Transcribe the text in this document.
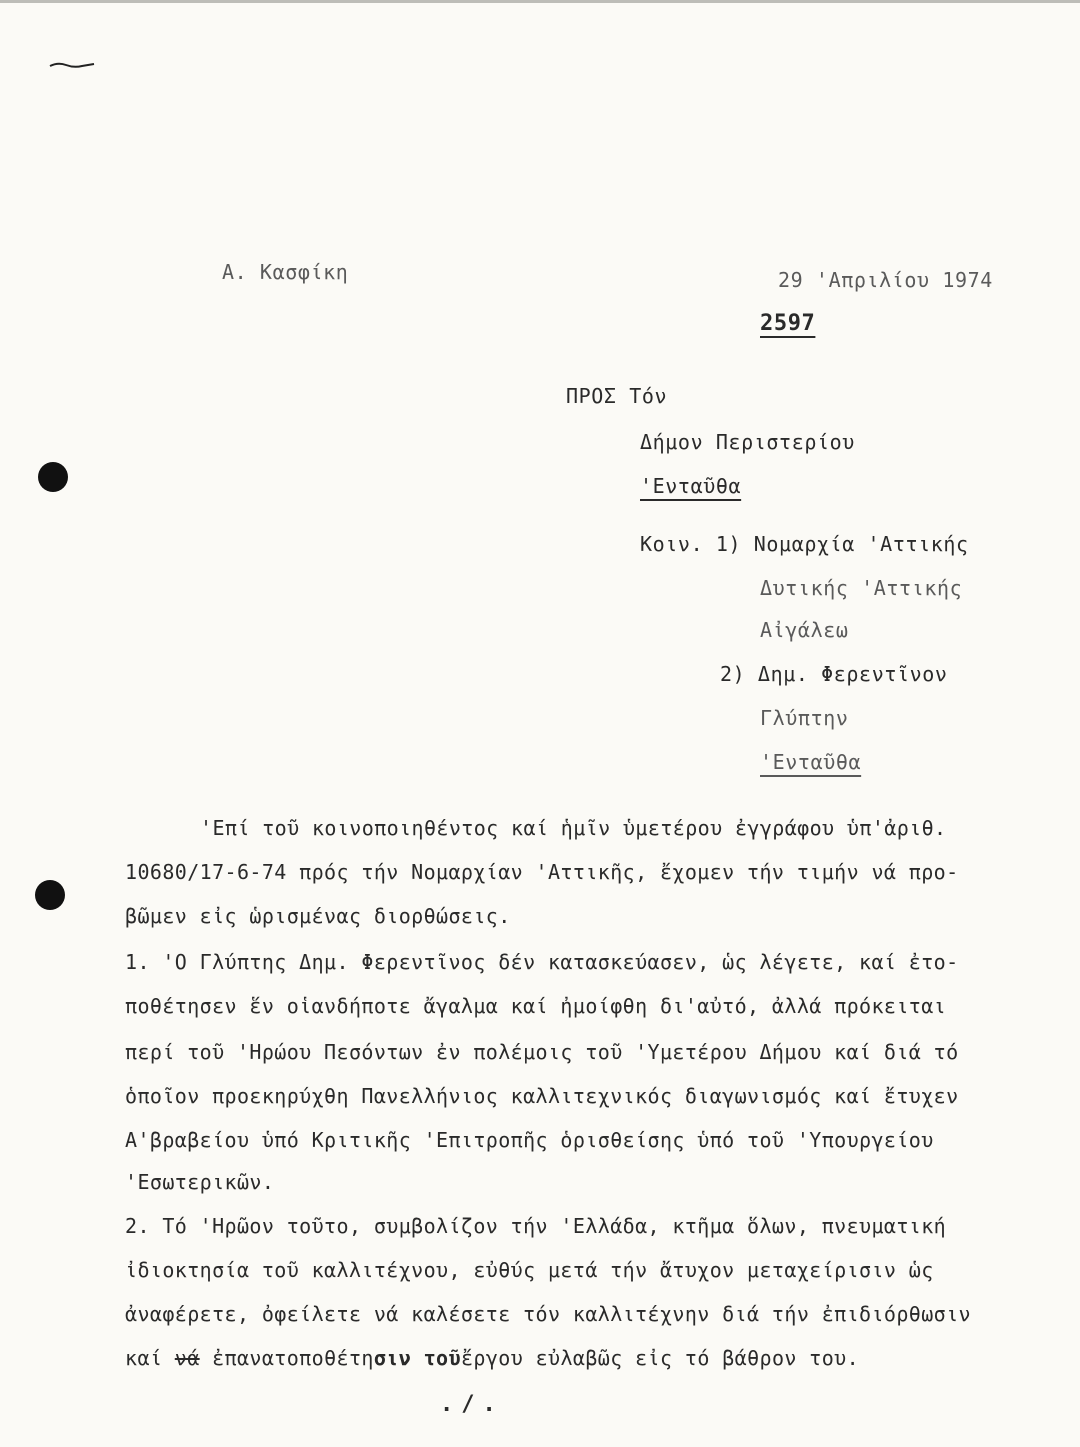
Α. Κασφίκη	29 'Απριλίου 1974
2597
ΠΡΟΣ Τόν
Δήμον Περιστερίου
'Ενταῦθα
Κοιν. 1) Νομαρχία 'Αττικής
Δυτικής 'Αττικής
Αἰγάλεω
2) Δημ. Φερεντῖνον
Γλύπτην
'Ενταῦθα
'Επί τοῦ κοινοποιηθέντος καί ἡμῖν ὑμετέρου ἐγγράφου ὑπ'ἀριθ.
10680/17-6-74 πρός τήν Νομαρχίαν 'Αττικῆς, ἔχομεν τήν τιμήν νά προ-
βῶμεν εἰς ὡρισμένας διορθώσεις.
1. 'Ο Γλύπτης Δημ. Φερεντῖνος δέν κατασκεύασεν, ὡς λέγετε, καί ἐτο-
ποθέτησεν ἕν οἱανδήποτε ἄγαλμα καί ἠμοίφθη δι'αὐτό, ἀλλά πρόκειται
περί τοῦ 'Ηρώου Πεσόντων ἐν πολέμοις τοῦ 'Υμετέρου Δήμου καί διά τό
ὁποῖον προεκηρύχθη Πανελλήνιος καλλιτεχνικός διαγωνισμός καί ἔτυχεν
Α'βραβείου ὑπό Κριτικῆς 'Επιτροπῆς ὁρισθείσης ὑπό τοῦ 'Υπουργείου
'Εσωτερικῶν.
2. Τό 'Ηρῶον τοῦτο, συμβολίζον τήν 'Ελλάδα, κτῆμα ὅλων, πνευματική
ἰδιοκτησία τοῦ καλλιτέχνου, εὐθύς μετά τήν ἄτυχον μεταχείρισιν ὡς
ἀναφέρετε, ὀφείλετε νά καλέσετε τόν καλλιτέχνην διά τήν ἐπιδιόρθωσιν
καί νά ἐπανατοποθέτησιν τοῦἔργου εὐλαβῶς εἰς τό βάθρον του.
./.
